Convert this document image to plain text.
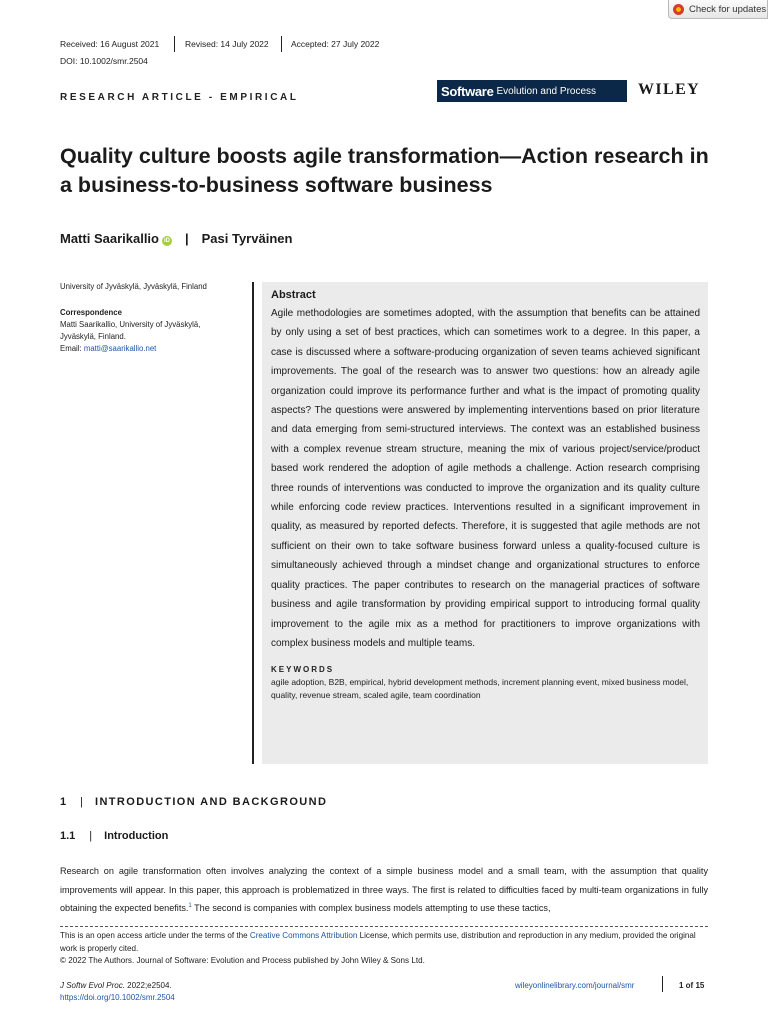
Check for updates
Received: 16 August 2021	Revised: 14 July 2022	Accepted: 27 July 2022
DOI: 10.1002/smr.2504
RESEARCH ARTICLE - EMPIRICAL	Software Evolution and Process	WILEY
Quality culture boosts agile transformation—Action research in a business-to-business software business
Matti Saarikallio iD | Pasi Tyrväinen
University of Jyväskylä, Jyväskylä, Finland
Correspondence
Matti Saarikallio, University of Jyväskylä,
Jyväskylä, Finland.
Email: matti@saarikallio.net
Abstract

Agile methodologies are sometimes adopted, with the assumption that benefits can be attained by only using a set of best practices, which can sometimes work to a degree. In this paper, a case is discussed where a software-producing organization of seven teams achieved significant improvements. The goal of the research was to answer two questions: how an already agile organization could improve its performance further and what is the impact of promoting quality aspects? The questions were answered by implementing interventions based on prior literature and data emerging from semi-structured interviews. The context was an established business with a complex revenue stream structure, meaning the mix of various project/service/product based work rendered the adoption of agile methods a challenge. Action research comprising three rounds of interventions was conducted to improve the organization and its quality culture while enforcing code review practices. Interventions resulted in a significant improvement in quality, as measured by reported defects. Therefore, it is suggested that agile methods are not sufficient on their own to take software business forward unless a quality-focused culture is simultaneously achieved through a mindset change and organizational structures to enforce quality practices. The paper contributes to research on the managerial practices of software business and agile transformation by providing empirical support to introducing formal quality improvement to the agile mix as a method for practitioners to improve organizations with complex business models and multiple teams.

KEYWORDS
agile adoption, B2B, empirical, hybrid development methods, increment planning event, mixed business model, quality, revenue stream, scaled agile, team coordination
1 | INTRODUCTION AND BACKGROUND
1.1 | Introduction

Research on agile transformation often involves analyzing the context of a simple business model and a small team, with the assumption that quality improvements will appear. In this paper, this approach is problematized in three ways. The first is related to difficulties faced by multi-team organizations in fully obtaining the expected benefits.$^1$ The second is companies with complex business models attempting to use these tactics,

This is an open access article under the terms of the Creative Commons Attribution License, which permits use, distribution and reproduction in any medium, provided the original work is properly cited.
© 2022 The Authors. Journal of Software: Evolution and Process published by John Wiley & Sons Ltd.
J Softw Evol Proc. 2022;e2504.
https://doi.org/10.1002/smr.2504
wileyonlinelibrary.com/journal/smr	1 of 15
